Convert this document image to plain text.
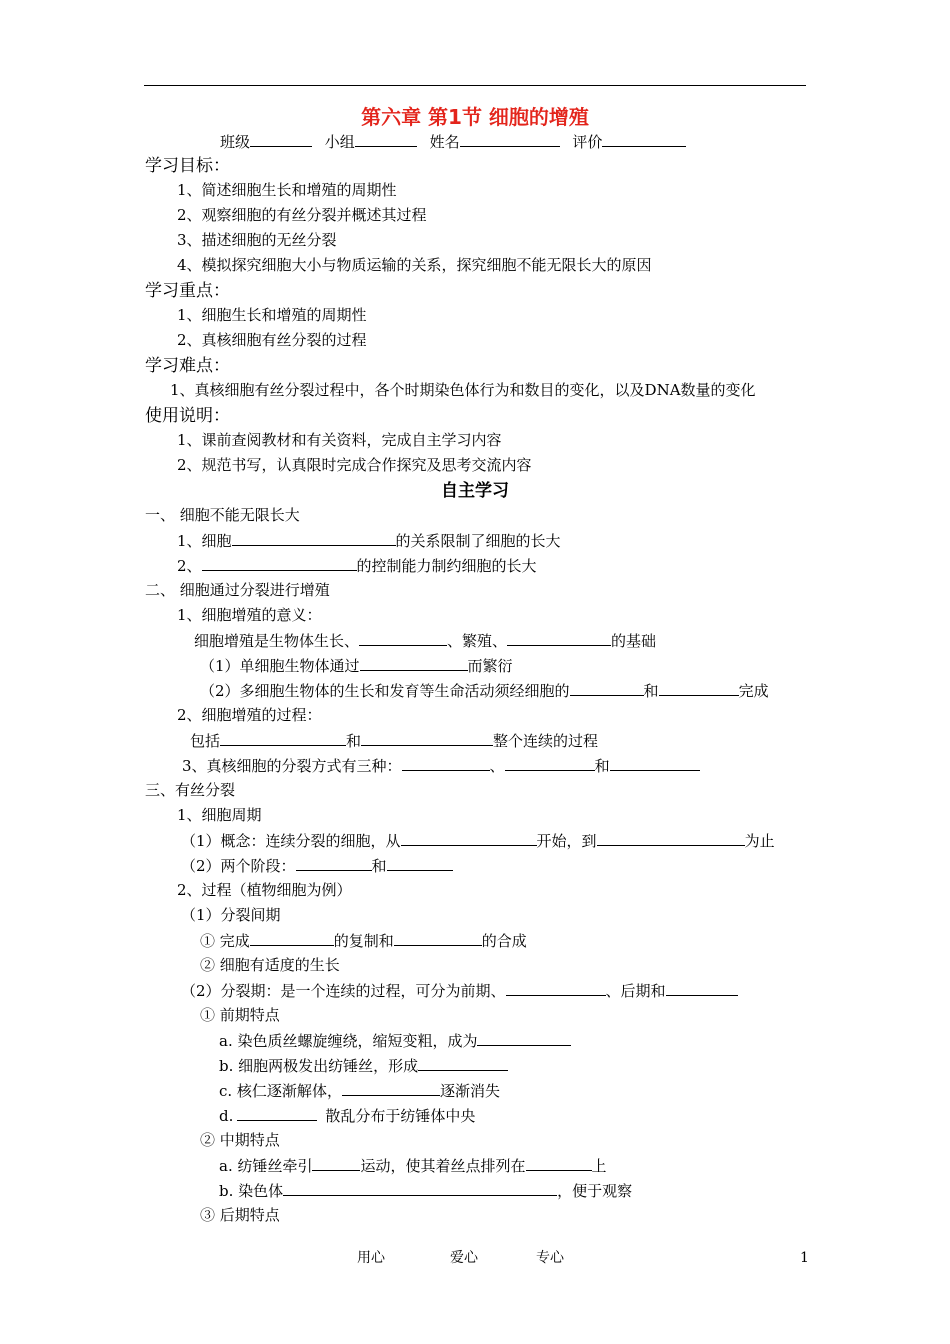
第六章 第1节 细胞的增殖
班级	小组	姓名	评价
学习目标：
1、简述细胞生长和增殖的周期性
2、观察细胞的有丝分裂并概述其过程
3、描述细胞的无丝分裂
4、模拟探究细胞大小与物质运输的关系，探究细胞不能无限长大的原因
学习重点：
1、细胞生长和增殖的周期性
2、真核细胞有丝分裂的过程
学习难点：
1、真核细胞有丝分裂过程中，各个时期染色体行为和数目的变化，以及DNA数量的变化
使用说明：
1、课前查阅教材和有关资料，完成自主学习内容
2、规范书写，认真限时完成合作探究及思考交流内容
自主学习
一、 细胞不能无限长大
1、细胞	的关系限制了细胞的长大
2、	的控制能力制约细胞的长大
二、 细胞通过分裂进行增殖
1、细胞增殖的意义：
细胞增殖是生物体生长、	、繁殖、	的基础
（1）单细胞生物体通过	而繁衍
（2）多细胞生物体的生长和发育等生命活动须经细胞的	和	完成
2、细胞增殖的过程：
包括	和	整个连续的过程
3、真核细胞的分裂方式有三种：	、	和
三、有丝分裂
1、细胞周期
（1）概念：连续分裂的细胞，从	开始，到	为止
（2）两个阶段：	和
2、过程（植物细胞为例）
（1）分裂间期
① 完成	的复制和	的合成
② 细胞有适度的生长
（2）分裂期：是一个连续的过程，可分为前期、	、后期和
① 前期特点
a. 染色质丝螺旋缠绕，缩短变粗，成为
b. 细胞两极发出纺锤丝，形成
c. 核仁逐渐解体，	逐渐消失
d.	散乱分布于纺锤体中央
② 中期特点
a. 纺锤丝牵引	运动，使其着丝点排列在	上
b. 染色体	，便于观察
③ 后期特点
用心	爱心	专心	1
